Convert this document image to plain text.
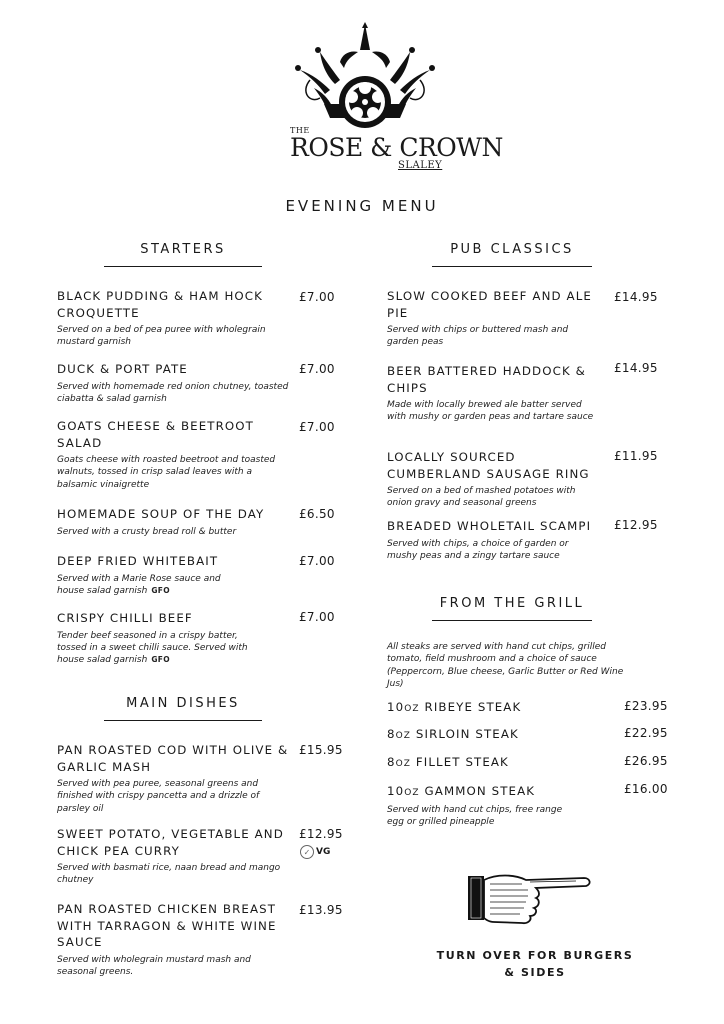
THE
ROSE & CROWN
SLALEY
EVENING MENU
STARTERS
BLACK PUDDING & HAM HOCK CROQUETTE
Served on a bed of pea puree with wholegrain mustard garnish
£7.00
DUCK & PORT PATE
Served with homemade red onion chutney, toasted ciabatta & salad garnish
£7.00
GOATS CHEESE & BEETROOT SALAD
Goats cheese with roasted beetroot and toasted walnuts, tossed in crisp salad leaves with a balsamic vinaigrette
£7.00
HOMEMADE SOUP OF THE DAY
Served with a crusty bread roll & butter
£6.50
DEEP FRIED WHITEBAIT
Served with a Marie Rose sauce and house salad garnish GFO
£7.00
CRISPY CHILLI BEEF
Tender beef seasoned in a crispy batter, tossed in a sweet chilli sauce. Served with house salad garnish GFO
£7.00
MAIN DISHES
PAN ROASTED COD WITH OLIVE & GARLIC MASH
Served with pea puree, seasonal greens and finished with crispy pancetta and a drizzle of parsley oil
£15.95
SWEET POTATO, VEGETABLE AND CHICK PEA CURRY
Served with basmati rice, naan bread and mango chutney
£12.95
✓ VG
PAN ROASTED CHICKEN BREAST WITH TARRAGON & WHITE WINE SAUCE
Served with wholegrain mustard mash and seasonal greens.
£13.95
PUB CLASSICS
SLOW COOKED BEEF AND ALE PIE
Served with chips or buttered mash and garden peas
£14.95
BEER BATTERED HADDOCK & CHIPS
Made with locally brewed ale batter served with mushy or garden peas and tartare sauce
£14.95
LOCALLY SOURCED CUMBERLAND SAUSAGE RING
Served on a bed of mashed potatoes with onion gravy and seasonal greens
£11.95
BREADED WHOLETAIL SCAMPI
Served with chips, a choice of garden or mushy peas and a zingy tartare sauce
£12.95
FROM THE GRILL
All steaks are served with hand cut chips, grilled tomato, field mushroom and a choice of sauce (Peppercorn, Blue cheese, Garlic Butter or Red Wine Jus)
10OZ RIBEYE STEAK	£23.95
8OZ SIRLOIN STEAK	£22.95
8OZ FILLET STEAK	£26.95
10OZ GAMMON STEAK	£16.00
Served with hand cut chips, free range egg or grilled pineapple
TURN OVER FOR BURGERS & SIDES
